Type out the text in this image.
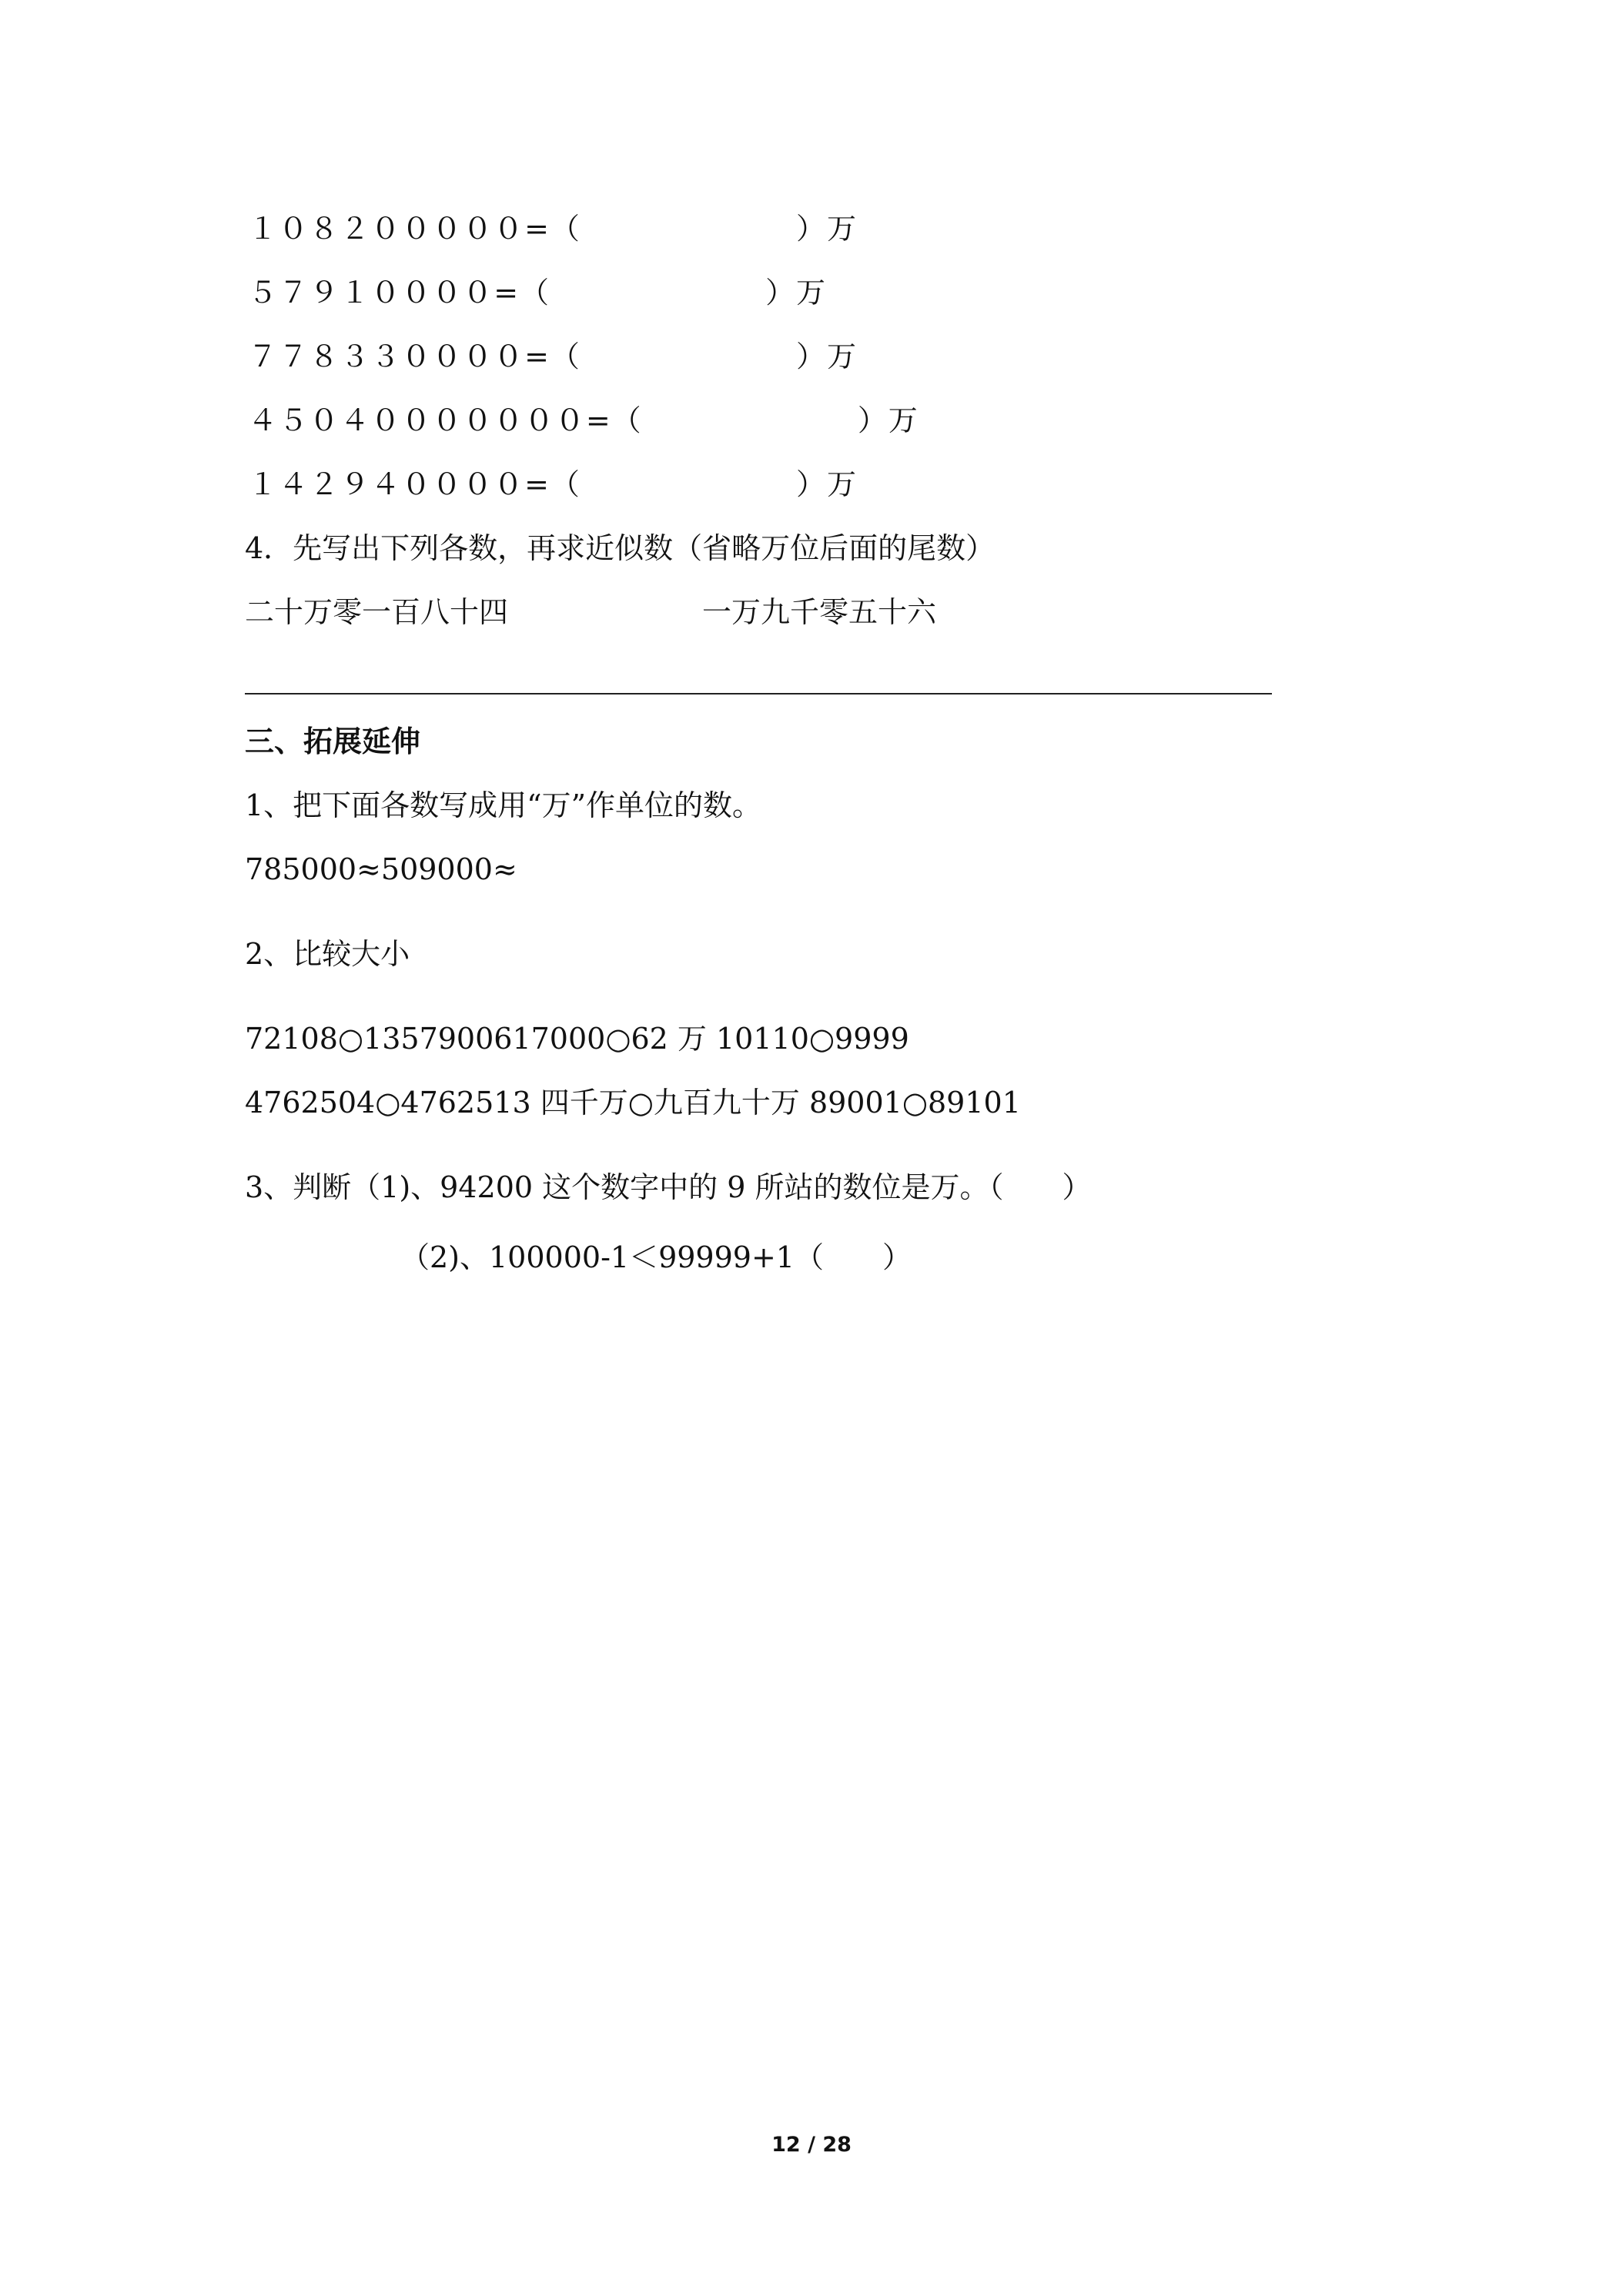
１０８２０００００=（　　　　　　　）万
５７９１００００=（　　　　　　　）万
７７８３３００００=（　　　　　　　）万
４５０４０００００００=（　　　　　　　）万
１４２９４００００=（　　　　　　　）万
4．先写出下列各数，再求近似数（省略万位后面的尾数）
二十万零一百八十四	一万九千零五十六
三、拓展延伸
1、把下面各数写成用“万”作单位的数。
785000≈509000≈
2、比较大小
72108○1357900617000○62 万 10110○9999
4762504○4762513 四千万○九百九十万 89001○89101
3、判断（1)、94200 这个数字中的 9 所站的数位是万。（　　）
（2)、100000-1＜99999+1（　　）
12 / 28
